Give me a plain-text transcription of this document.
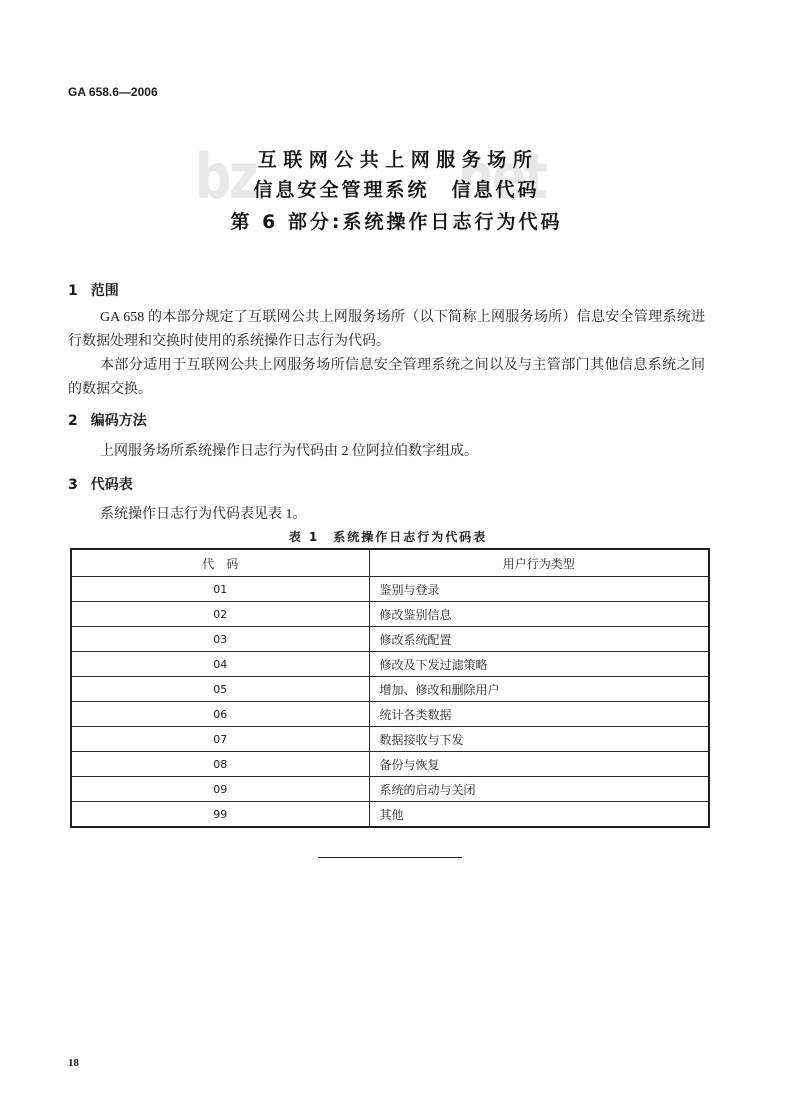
GA 658.6—2006
bz	net
互联网公共上网服务场所
信息安全管理系统　信息代码
第 6 部分:系统操作日志行为代码
1 范围
GA 658 的本部分规定了互联网公共上网服务场所（以下简称上网服务场所）信息安全管理系统进
行数据处理和交换时使用的系统操作日志行为代码。
本部分适用于互联网公共上网服务场所信息安全管理系统之间以及与主管部门其他信息系统之间
的数据交换。
2 编码方法
上网服务场所系统操作日志行为代码由 2 位阿拉伯数字组成。
3 代码表
系统操作日志行为代码表见表 1。
表 1　系统操作日志行为代码表
代　码	用户行为类型
01	鉴别与登录
02	修改鉴别信息
03	修改系统配置
04	修改及下发过滤策略
05	增加、修改和删除用户
06	统计各类数据
07	数据接收与下发
08	备份与恢复
09	系统的启动与关闭
99	其他
18
